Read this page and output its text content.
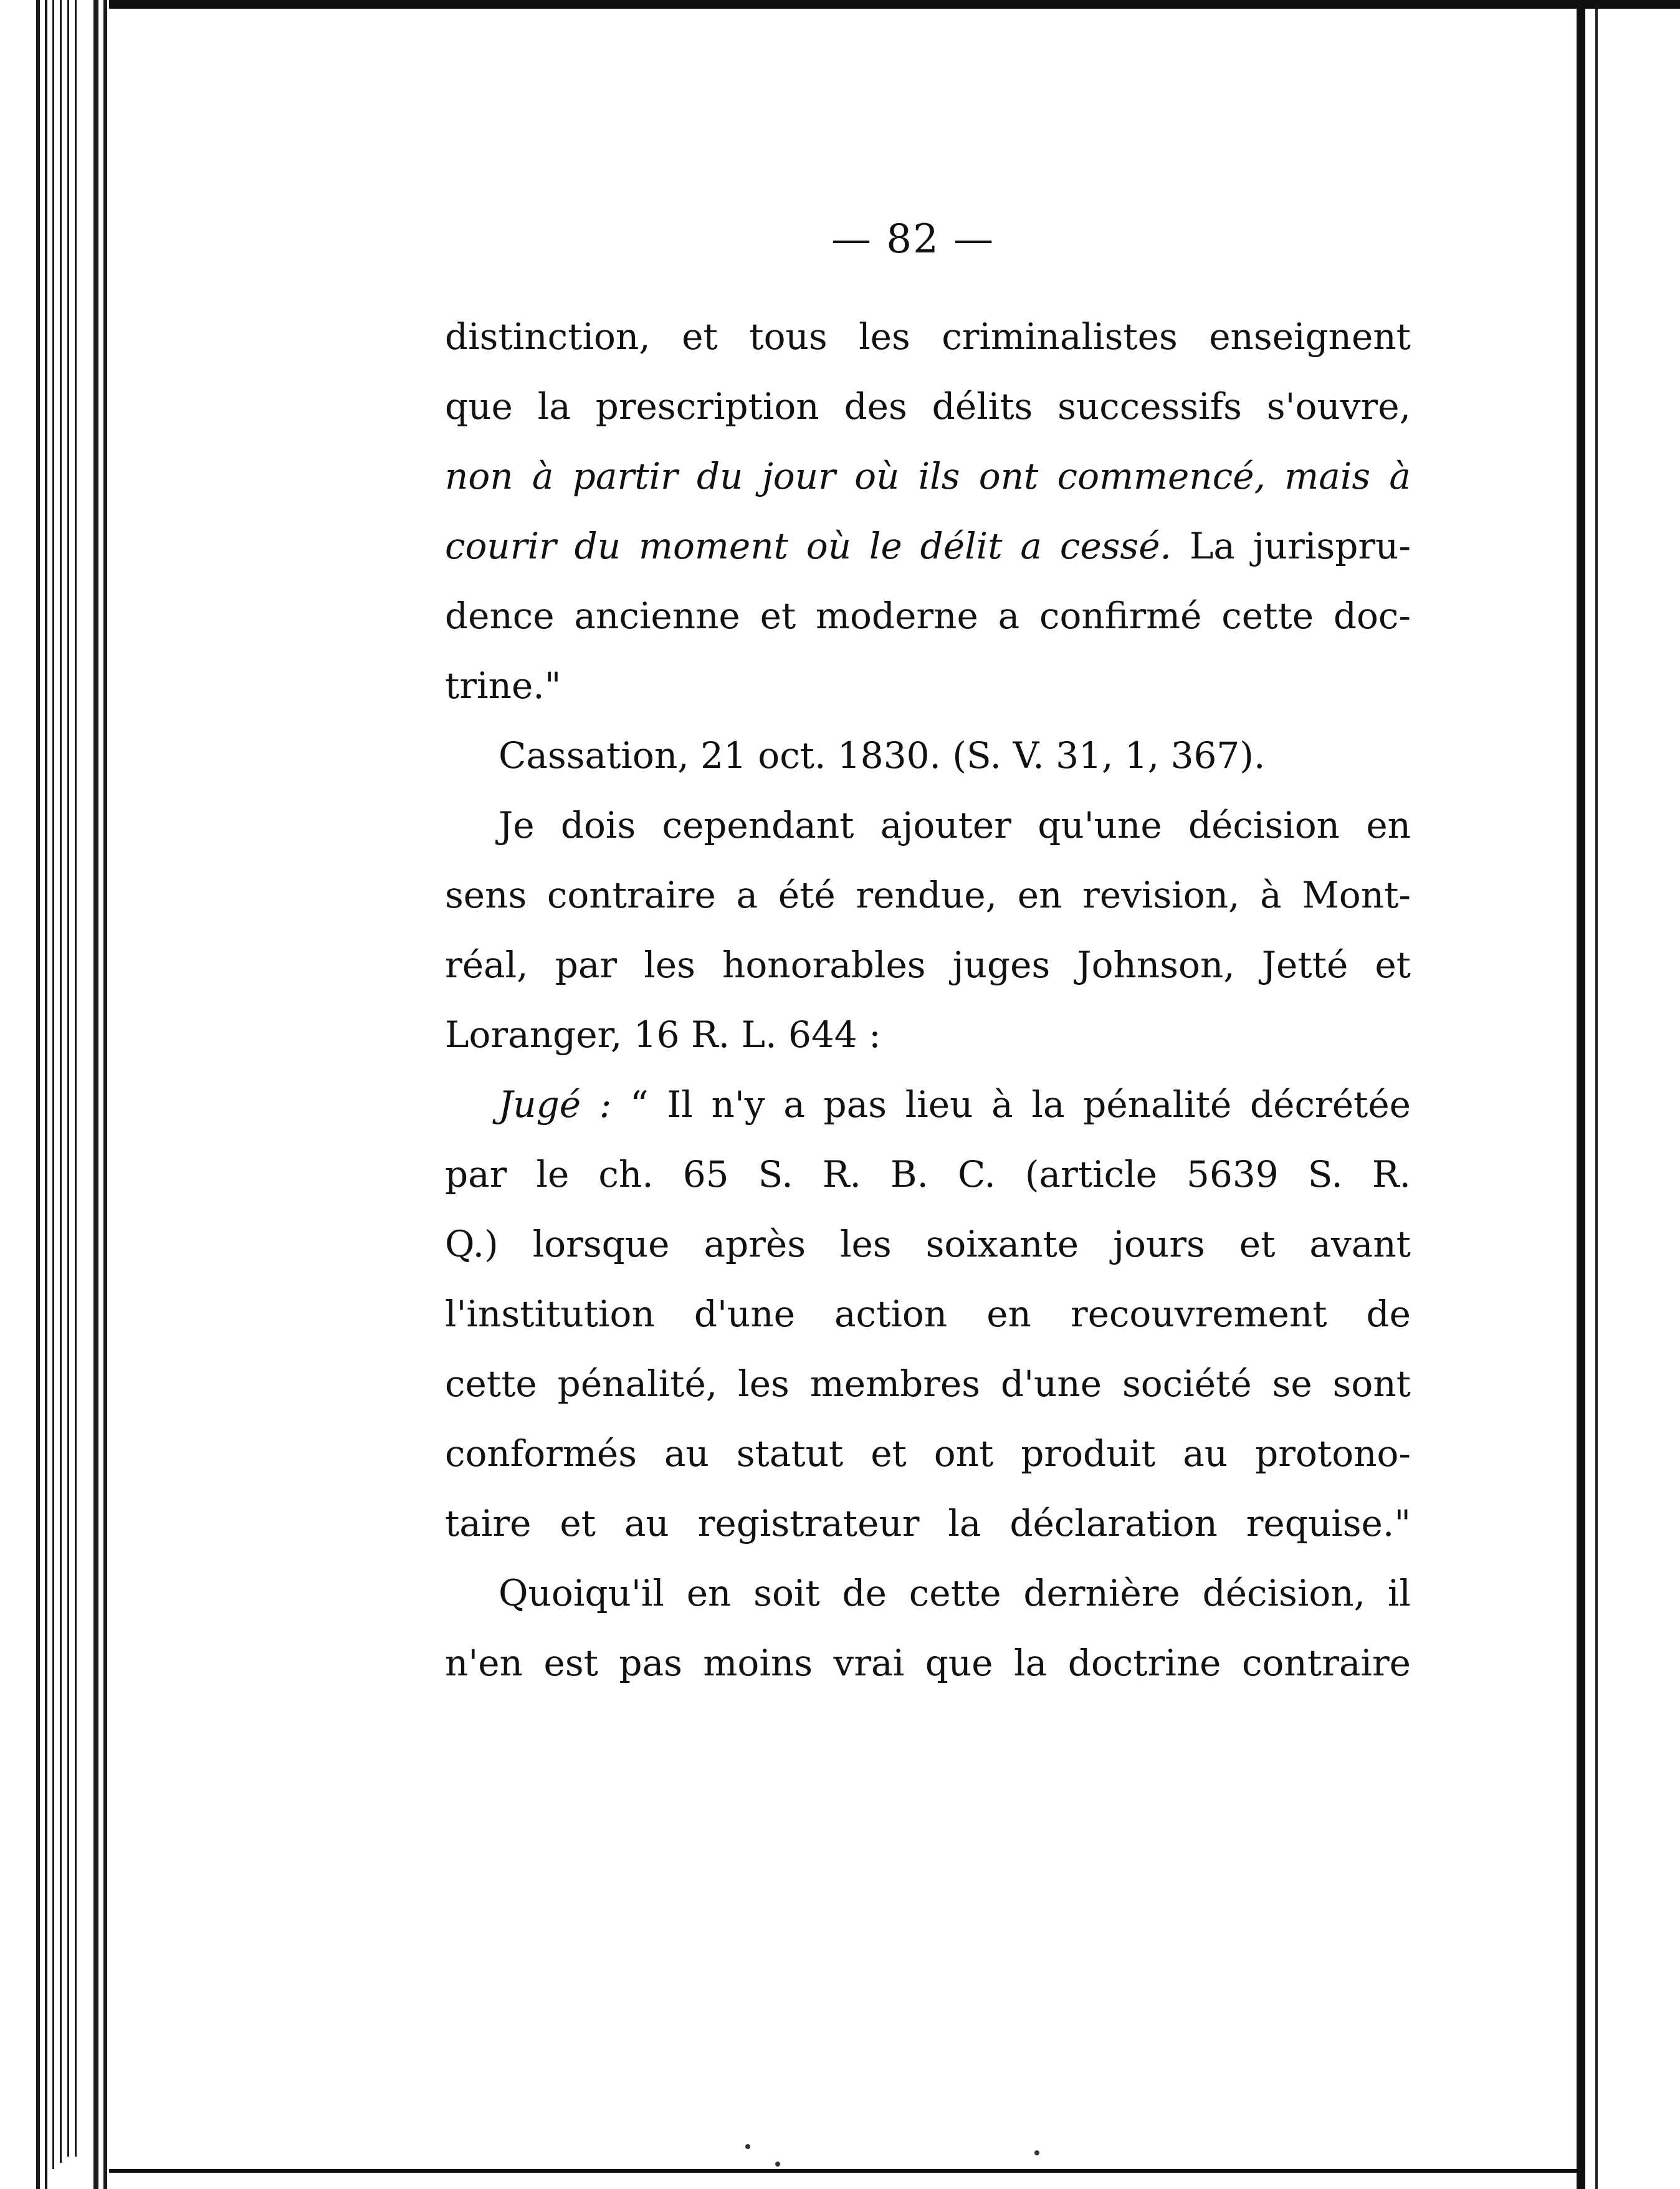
— 82 —
distinction, et tous les criminalistes enseignent
que la prescription des délits successifs s'ouvre,
non à partir du jour où ils ont commencé, mais à
courir du moment où le délit a cessé. La jurispru-
dence ancienne et moderne a confirmé cette doc-
trine."
Cassation, 21 oct. 1830. (S. V. 31, 1, 367).
Je dois cependant ajouter qu'une décision en
sens contraire a été rendue, en revision, à Mont-
réal, par les honorables juges Johnson, Jetté et
Loranger, 16 R. L. 644 :
Jugé : “ Il n'y a pas lieu à la pénalité décrétée
par le ch. 65 S. R. B. C. (article 5639 S. R.
Q.) lorsque après les soixante jours et avant
l'institution d'une action en recouvrement de
cette pénalité, les membres d'une société se sont
conformés au statut et ont produit au protono-
taire et au registrateur la déclaration requise."
Quoiqu'il en soit de cette dernière décision, il
n'en est pas moins vrai que la doctrine contraire
